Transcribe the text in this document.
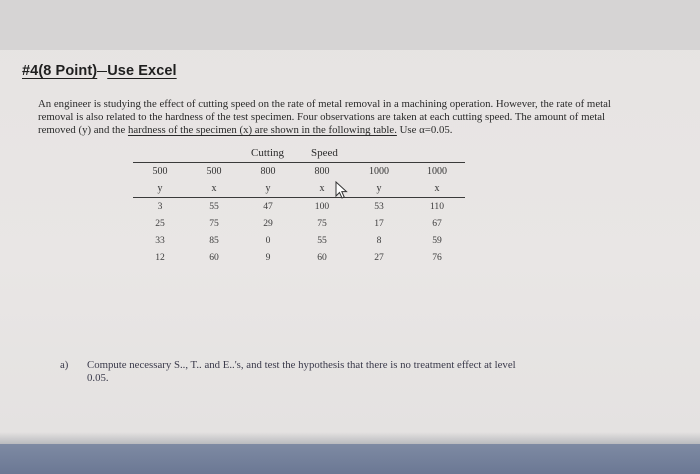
#4(8 Point) Use Excel
An engineer is studying the effect of cutting speed on the rate of metal removal in a machining operation. However, the rate of metal
removal is also related to the hardness of the test specimen. Four observations are taken at each cutting speed. The amount of metal
removed (y) and the hardness of the specimen (x) are shown in the following table. Use α=0.05.
Cutting Speed
500	500	800	800	1000	1000
y	x	y	x	y	x
3	55	47	100	53	110
25	75	29	75	17	67
33	85	0	55	8	59
12	60	9	60	27	76
a) Compute necessary S.., T.. and E..'s, and test the hypothesis that there is no treatment effect at level
0.05.
